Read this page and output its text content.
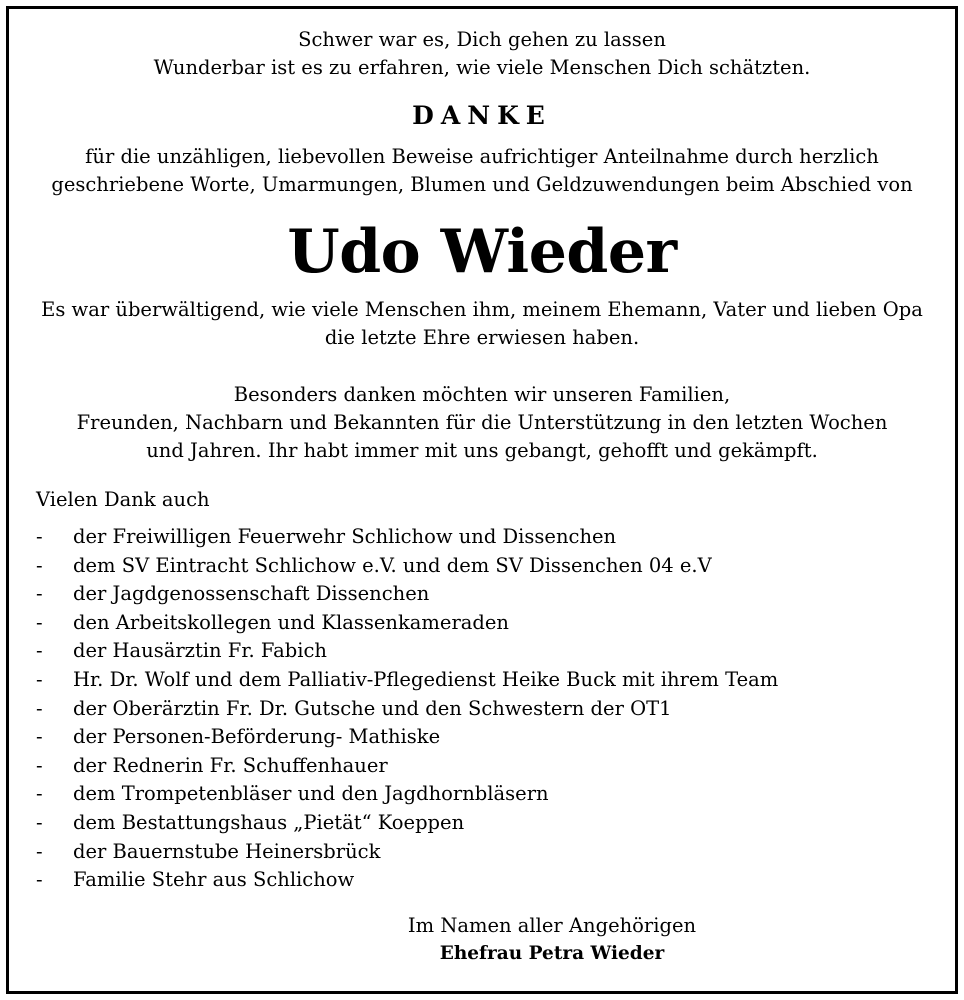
Schwer war es, Dich gehen zu lassen
Wunderbar ist es zu erfahren, wie viele Menschen Dich schätzten.
DANKE
für die unzähligen, liebevollen Beweise aufrichtiger Anteilnahme durch herzlich
geschriebene Worte, Umarmungen, Blumen und Geldzuwendungen beim Abschied von
Udo Wieder
Es war überwältigend, wie viele Menschen ihm, meinem Ehemann, Vater und lieben Opa
die letzte Ehre erwiesen haben.
Besonders danken möchten wir unseren Familien,
Freunden, Nachbarn und Bekannten für die Unterstützung in den letzten Wochen
und Jahren. Ihr habt immer mit uns gebangt, gehofft und gekämpft.
Vielen Dank auch
-	der Freiwilligen Feuerwehr Schlichow und Dissenchen
-	dem SV Eintracht Schlichow e.V. und dem SV Dissenchen 04 e.V
-	der Jagdgenossenschaft Dissenchen
-	den Arbeitskollegen und Klassenkameraden
-	der Hausärztin Fr. Fabich
-	Hr. Dr. Wolf und dem Palliativ-Pflegedienst Heike Buck mit ihrem Team
-	der Oberärztin Fr. Dr. Gutsche und den Schwestern der OT1
-	der Personen-Beförderung- Mathiske
-	der Rednerin Fr. Schuffenhauer
-	dem Trompetenbläser und den Jagdhornbläsern
-	dem Bestattungshaus „Pietät“ Koeppen
-	der Bauernstube Heinersbrück
-	Familie Stehr aus Schlichow
Im Namen aller Angehörigen
Ehefrau Petra Wieder
